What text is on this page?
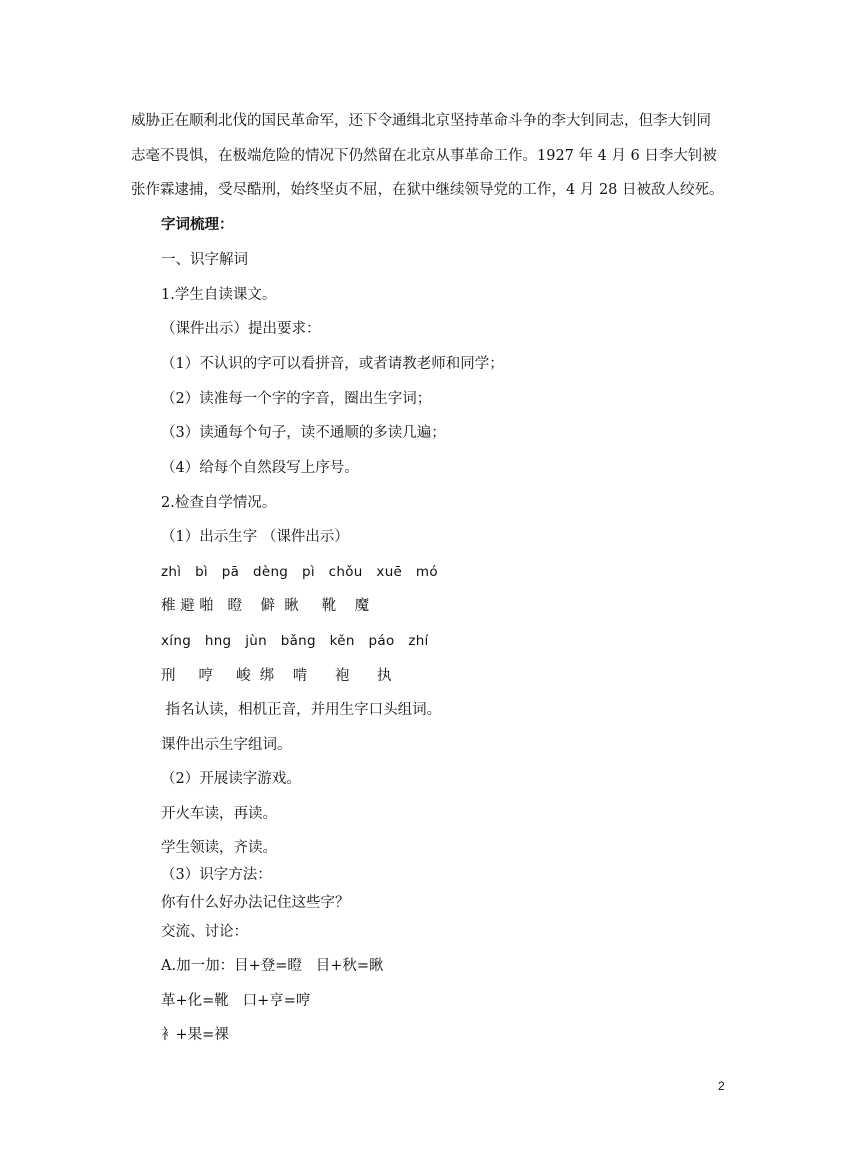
威胁正在顺利北伐的国民革命军，还下令通缉北京坚持革命斗争的李大钊同志，但李大钊同
志毫不畏惧，在极端危险的情况下仍然留在北京从事革命工作。1927 年 4 月 6 日李大钊被
张作霖逮捕，受尽酷刑，始终坚贞不屈，在狱中继续领导党的工作，4 月 28 日被敌人绞死。
字词梳理：
一、识字解词
1.学生自读课文。
（课件出示）提出要求：
（1）不认识的字可以看拼音，或者请教老师和同学；
（2）读准每一个字的字音，圈出生字词；
（3）读通每个句子，读不通顺的多读几遍；
（4）给每个自然段写上序号。
2.检查自学情况。
（1）出示生字 （课件出示）
zhì   bì   pā   dèng   pì   chǒu   xuē   mó
稚 避 啪   瞪    僻  瞅     靴    魔
xíng   hng   jùn   bǎng   kěn   páo   zhí
刑     哼     峻  绑    啃      袍      执
指名认读，相机正音，并用生字口头组词。
课件出示生字组词。
（2）开展读字游戏。
开火车读，再读。
学生领读，齐读。
（3）识字方法：
你有什么好办法记住这些字？
交流、讨论：
A.加一加：目+登=瞪   目+秋=瞅
革+化=靴   口+亨=哼
衤+果=裸
2
